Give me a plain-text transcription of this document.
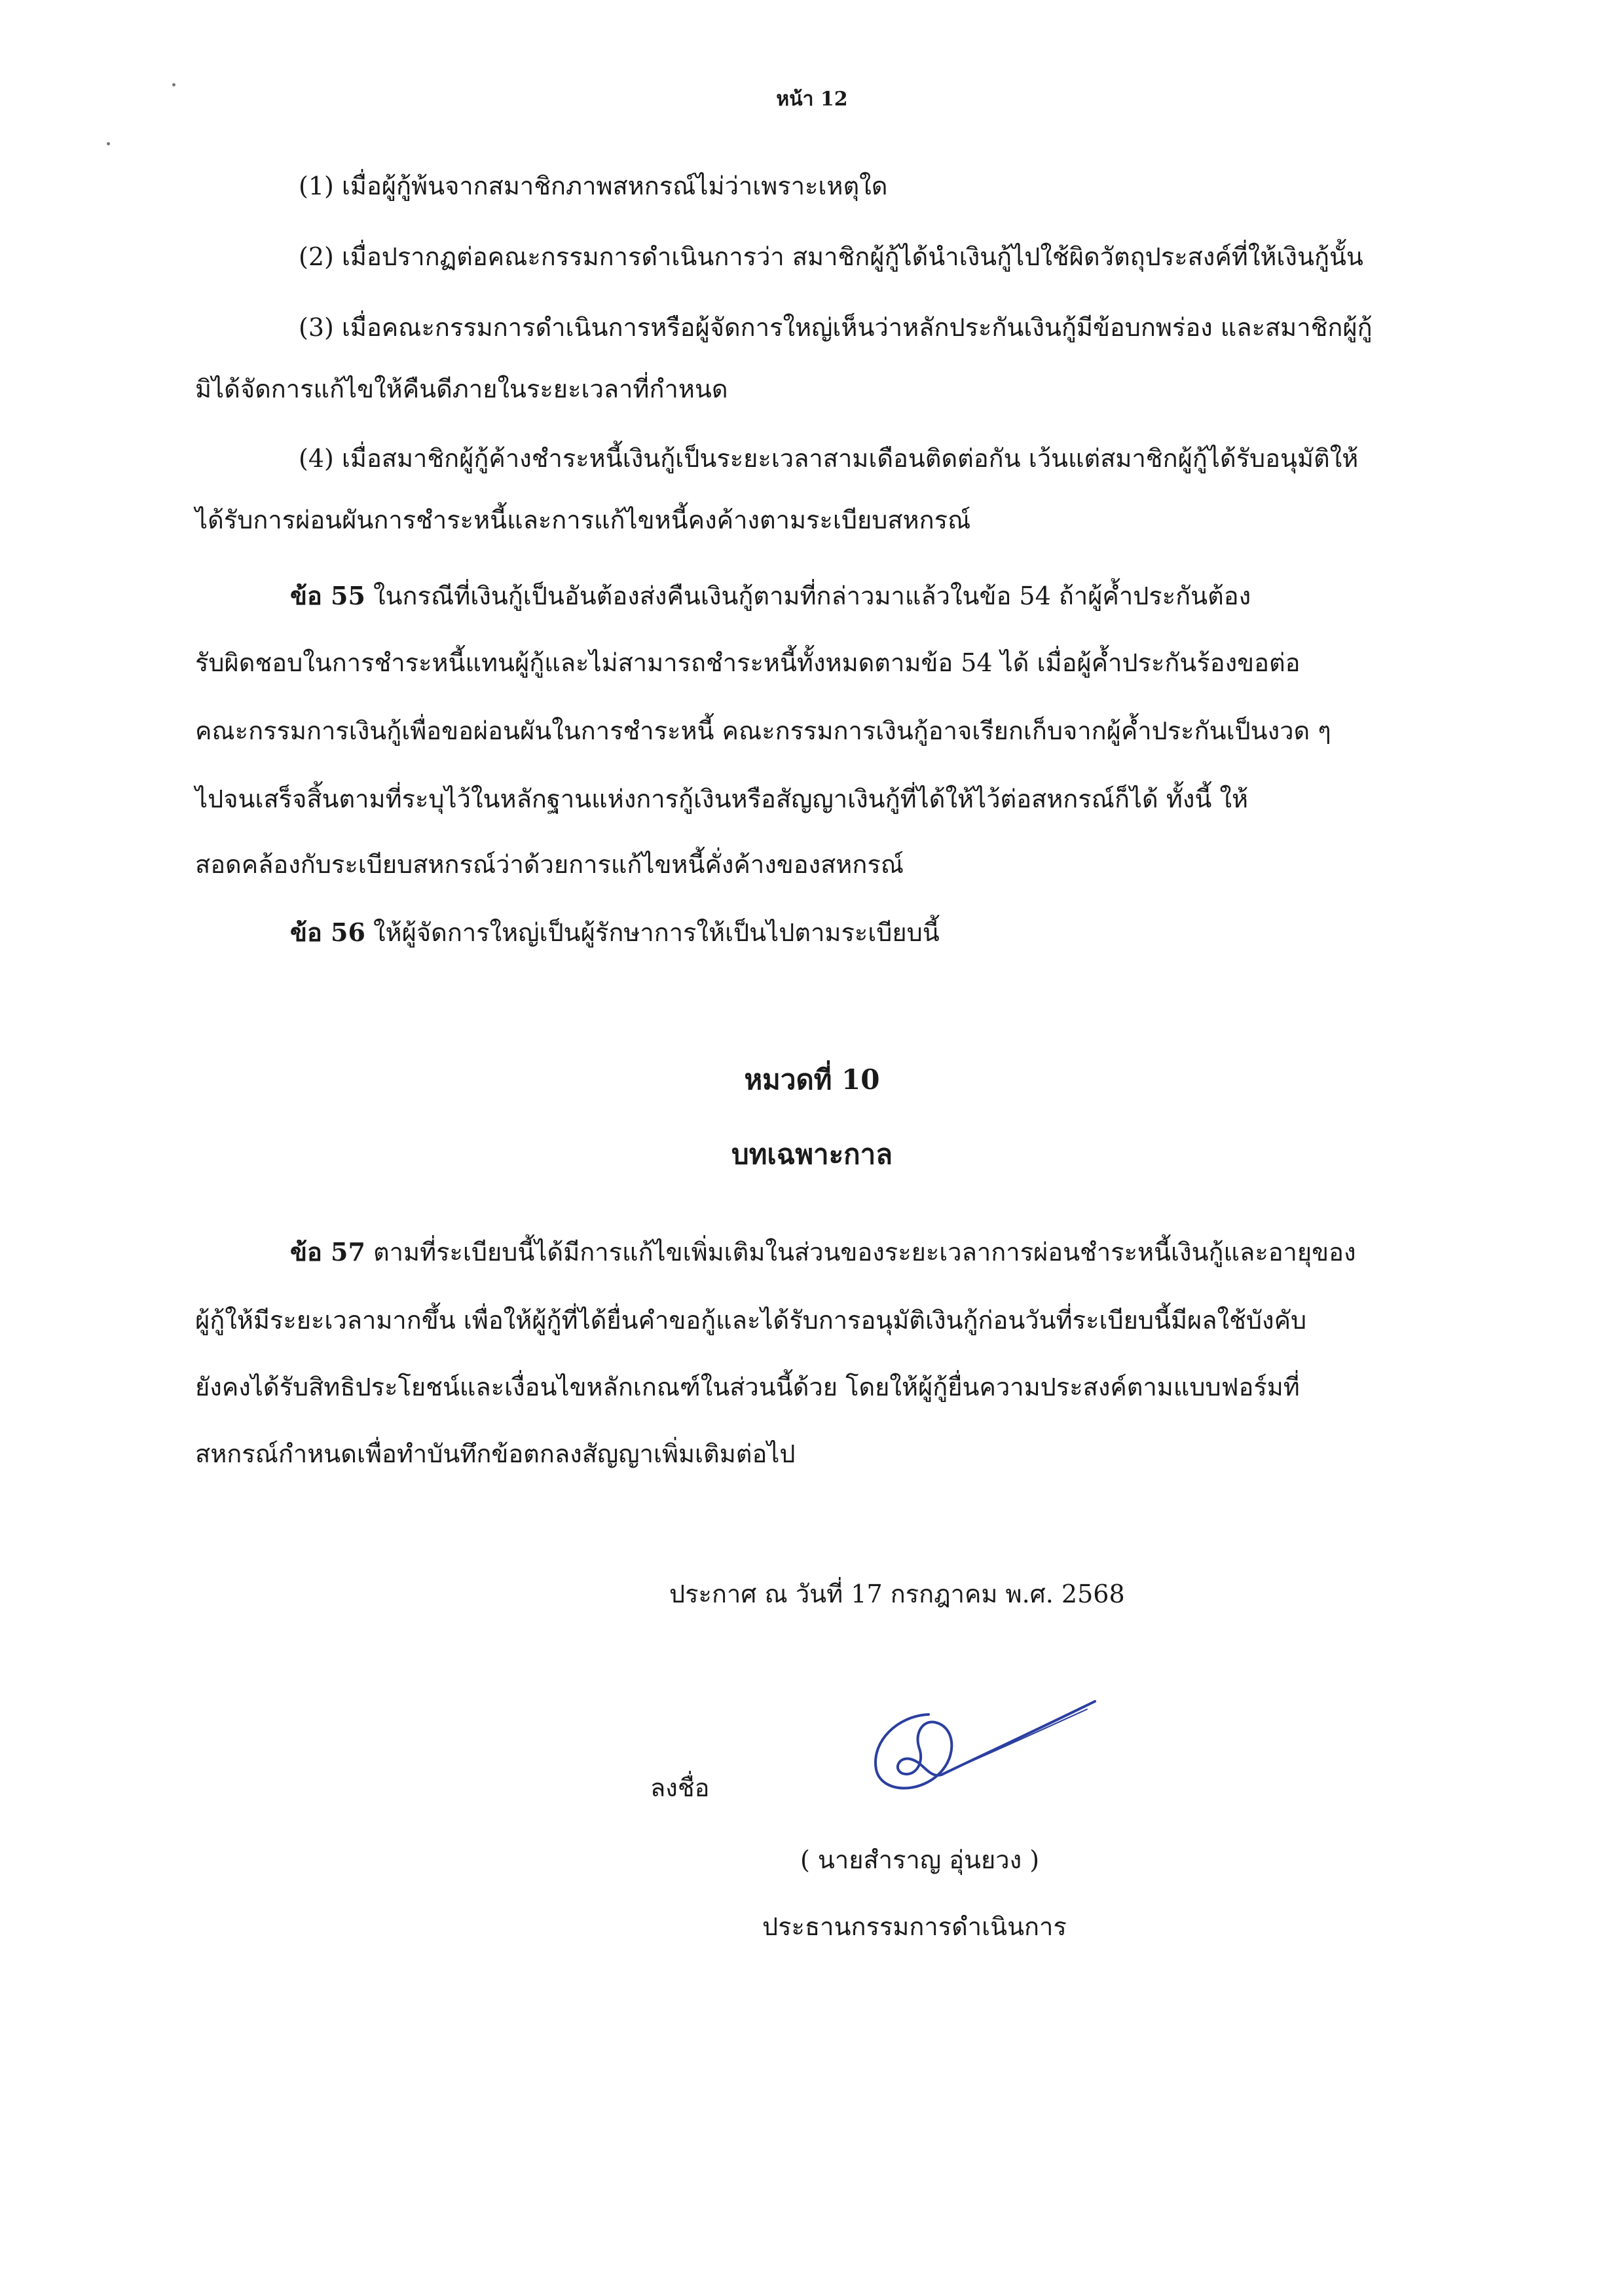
หน้า 12
(1) เมื่อผู้กู้พ้นจากสมาชิกภาพสหกรณ์ไม่ว่าเพราะเหตุใด
(2) เมื่อปรากฏต่อคณะกรรมการดำเนินการว่า สมาชิกผู้กู้ได้นำเงินกู้ไปใช้ผิดวัตถุประสงค์ที่ให้เงินกู้นั้น
(3) เมื่อคณะกรรมการดำเนินการหรือผู้จัดการใหญ่เห็นว่าหลักประกันเงินกู้มีข้อบกพร่อง และสมาชิกผู้กู้
มิได้จัดการแก้ไขให้คืนดีภายในระยะเวลาที่กำหนด
(4) เมื่อสมาชิกผู้กู้ค้างชำระหนี้เงินกู้เป็นระยะเวลาสามเดือนติดต่อกัน เว้นแต่สมาชิกผู้กู้ได้รับอนุมัติให้
ได้รับการผ่อนผันการชำระหนี้และการแก้ไขหนี้คงค้างตามระเบียบสหกรณ์
ข้อ 55 ในกรณีที่เงินกู้เป็นอันต้องส่งคืนเงินกู้ตามที่กล่าวมาแล้วในข้อ 54 ถ้าผู้ค้ำประกันต้อง
รับผิดชอบในการชำระหนี้แทนผู้กู้และไม่สามารถชำระหนี้ทั้งหมดตามข้อ 54 ได้ เมื่อผู้ค้ำประกันร้องขอต่อ
คณะกรรมการเงินกู้เพื่อขอผ่อนผันในการชำระหนี้ คณะกรรมการเงินกู้อาจเรียกเก็บจากผู้ค้ำประกันเป็นงวด ๆ
ไปจนเสร็จสิ้นตามที่ระบุไว้ในหลักฐานแห่งการกู้เงินหรือสัญญาเงินกู้ที่ได้ให้ไว้ต่อสหกรณ์ก็ได้ ทั้งนี้ ให้
สอดคล้องกับระเบียบสหกรณ์ว่าด้วยการแก้ไขหนี้คั่งค้างของสหกรณ์
ข้อ 56 ให้ผู้จัดการใหญ่เป็นผู้รักษาการให้เป็นไปตามระเบียบนี้
หมวดที่ 10
บทเฉพาะกาล
ข้อ 57 ตามที่ระเบียบนี้ได้มีการแก้ไขเพิ่มเติมในส่วนของระยะเวลาการผ่อนชำระหนี้เงินกู้และอายุของ
ผู้กู้ให้มีระยะเวลามากขึ้น เพื่อให้ผู้กู้ที่ได้ยื่นคำขอกู้และได้รับการอนุมัติเงินกู้ก่อนวันที่ระเบียบนี้มีผลใช้บังคับ
ยังคงได้รับสิทธิประโยชน์และเงื่อนไขหลักเกณฑ์ในส่วนนี้ด้วย โดยให้ผู้กู้ยื่นความประสงค์ตามแบบฟอร์มที่
สหกรณ์กำหนดเพื่อทำบันทึกข้อตกลงสัญญาเพิ่มเติมต่อไป
ประกาศ ณ วันที่ 17 กรกฎาคม พ.ศ. 2568
ลงชื่อ
( นายสำราญ อุ่นยวง )
ประธานกรรมการดำเนินการ
